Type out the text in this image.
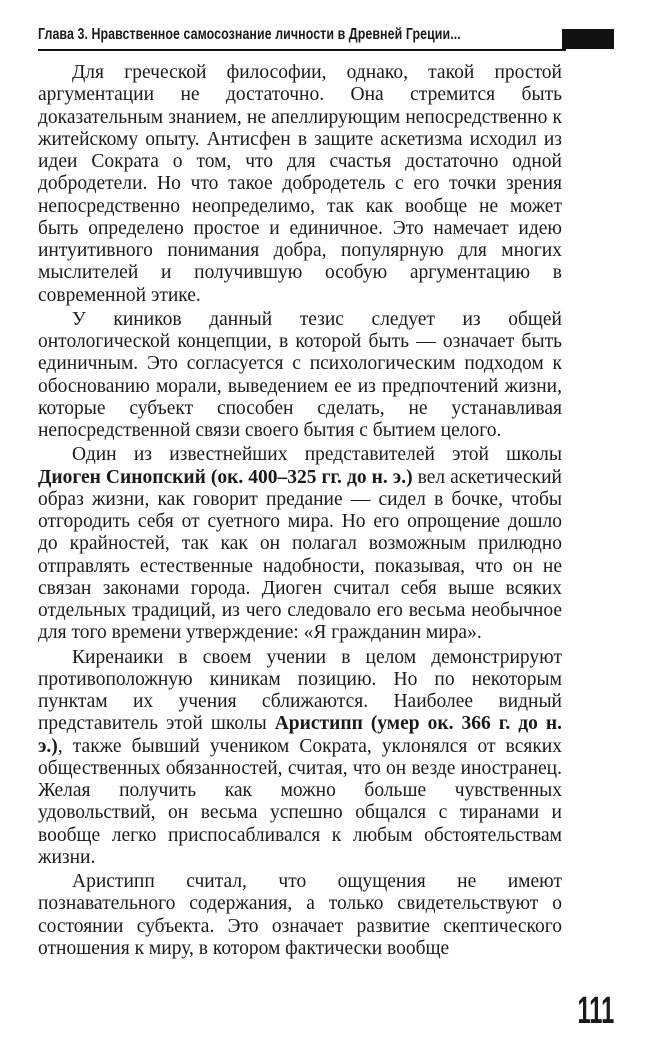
Глава 3. Нравственное самосознание личности в Древней Греции...

Для греческой философии, однако, такой простой аргументации не достаточно. Она стремится быть доказательным знанием, не апеллирующим непосредственно к житейскому опыту. Антисфен в защите аскетизма исходил из идеи Сократа о том, что для счастья достаточно одной добродетели. Но что такое добродетель с его точки зрения непосредственно неопределимо, так как вообще не может быть определено простое и единичное. Это намечает идею интуитивного понимания добра, популярную для многих мыслителей и получившую особую аргументацию в современной этике.

У киников данный тезис следует из общей онтологической концепции, в которой быть — означает быть единичным. Это согласуется с психологическим подходом к обоснованию морали, выведением ее из предпочтений жизни, которые субъект способен сделать, не устанавливая непосредственной связи своего бытия с бытием целого.

Один из известнейших представителей этой школы Диоген Синопский (ок. 400–325 гг. до н. э.) вел аскетический образ жизни, как говорит предание — сидел в бочке, чтобы отгородить себя от суетного мира. Но его опрощение дошло до крайностей, так как он полагал возможным прилюдно отправлять естественные надобности, показывая, что он не связан законами города. Диоген считал себя выше всяких отдельных традиций, из чего следовало его весьма необычное для того времени утверждение: «Я гражданин мира».

Киренаики в своем учении в целом демонстрируют противоположную киникам позицию. Но по некоторым пунктам их учения сближаются. Наиболее видный представитель этой школы Аристипп (умер ок. 366 г. до н. э.), также бывший учеником Сократа, уклонялся от всяких общественных обязанностей, считая, что он везде иностранец. Желая получить как можно больше чувственных удовольствий, он весьма успешно общался с тиранами и вообще легко приспосабливался к любым обстоятельствам жизни.

Аристипп считал, что ощущения не имеют познавательного содержания, а только свидетельствуют о состоянии субъекта. Это означает развитие скептического отношения к миру, в котором фактически вообще

111
